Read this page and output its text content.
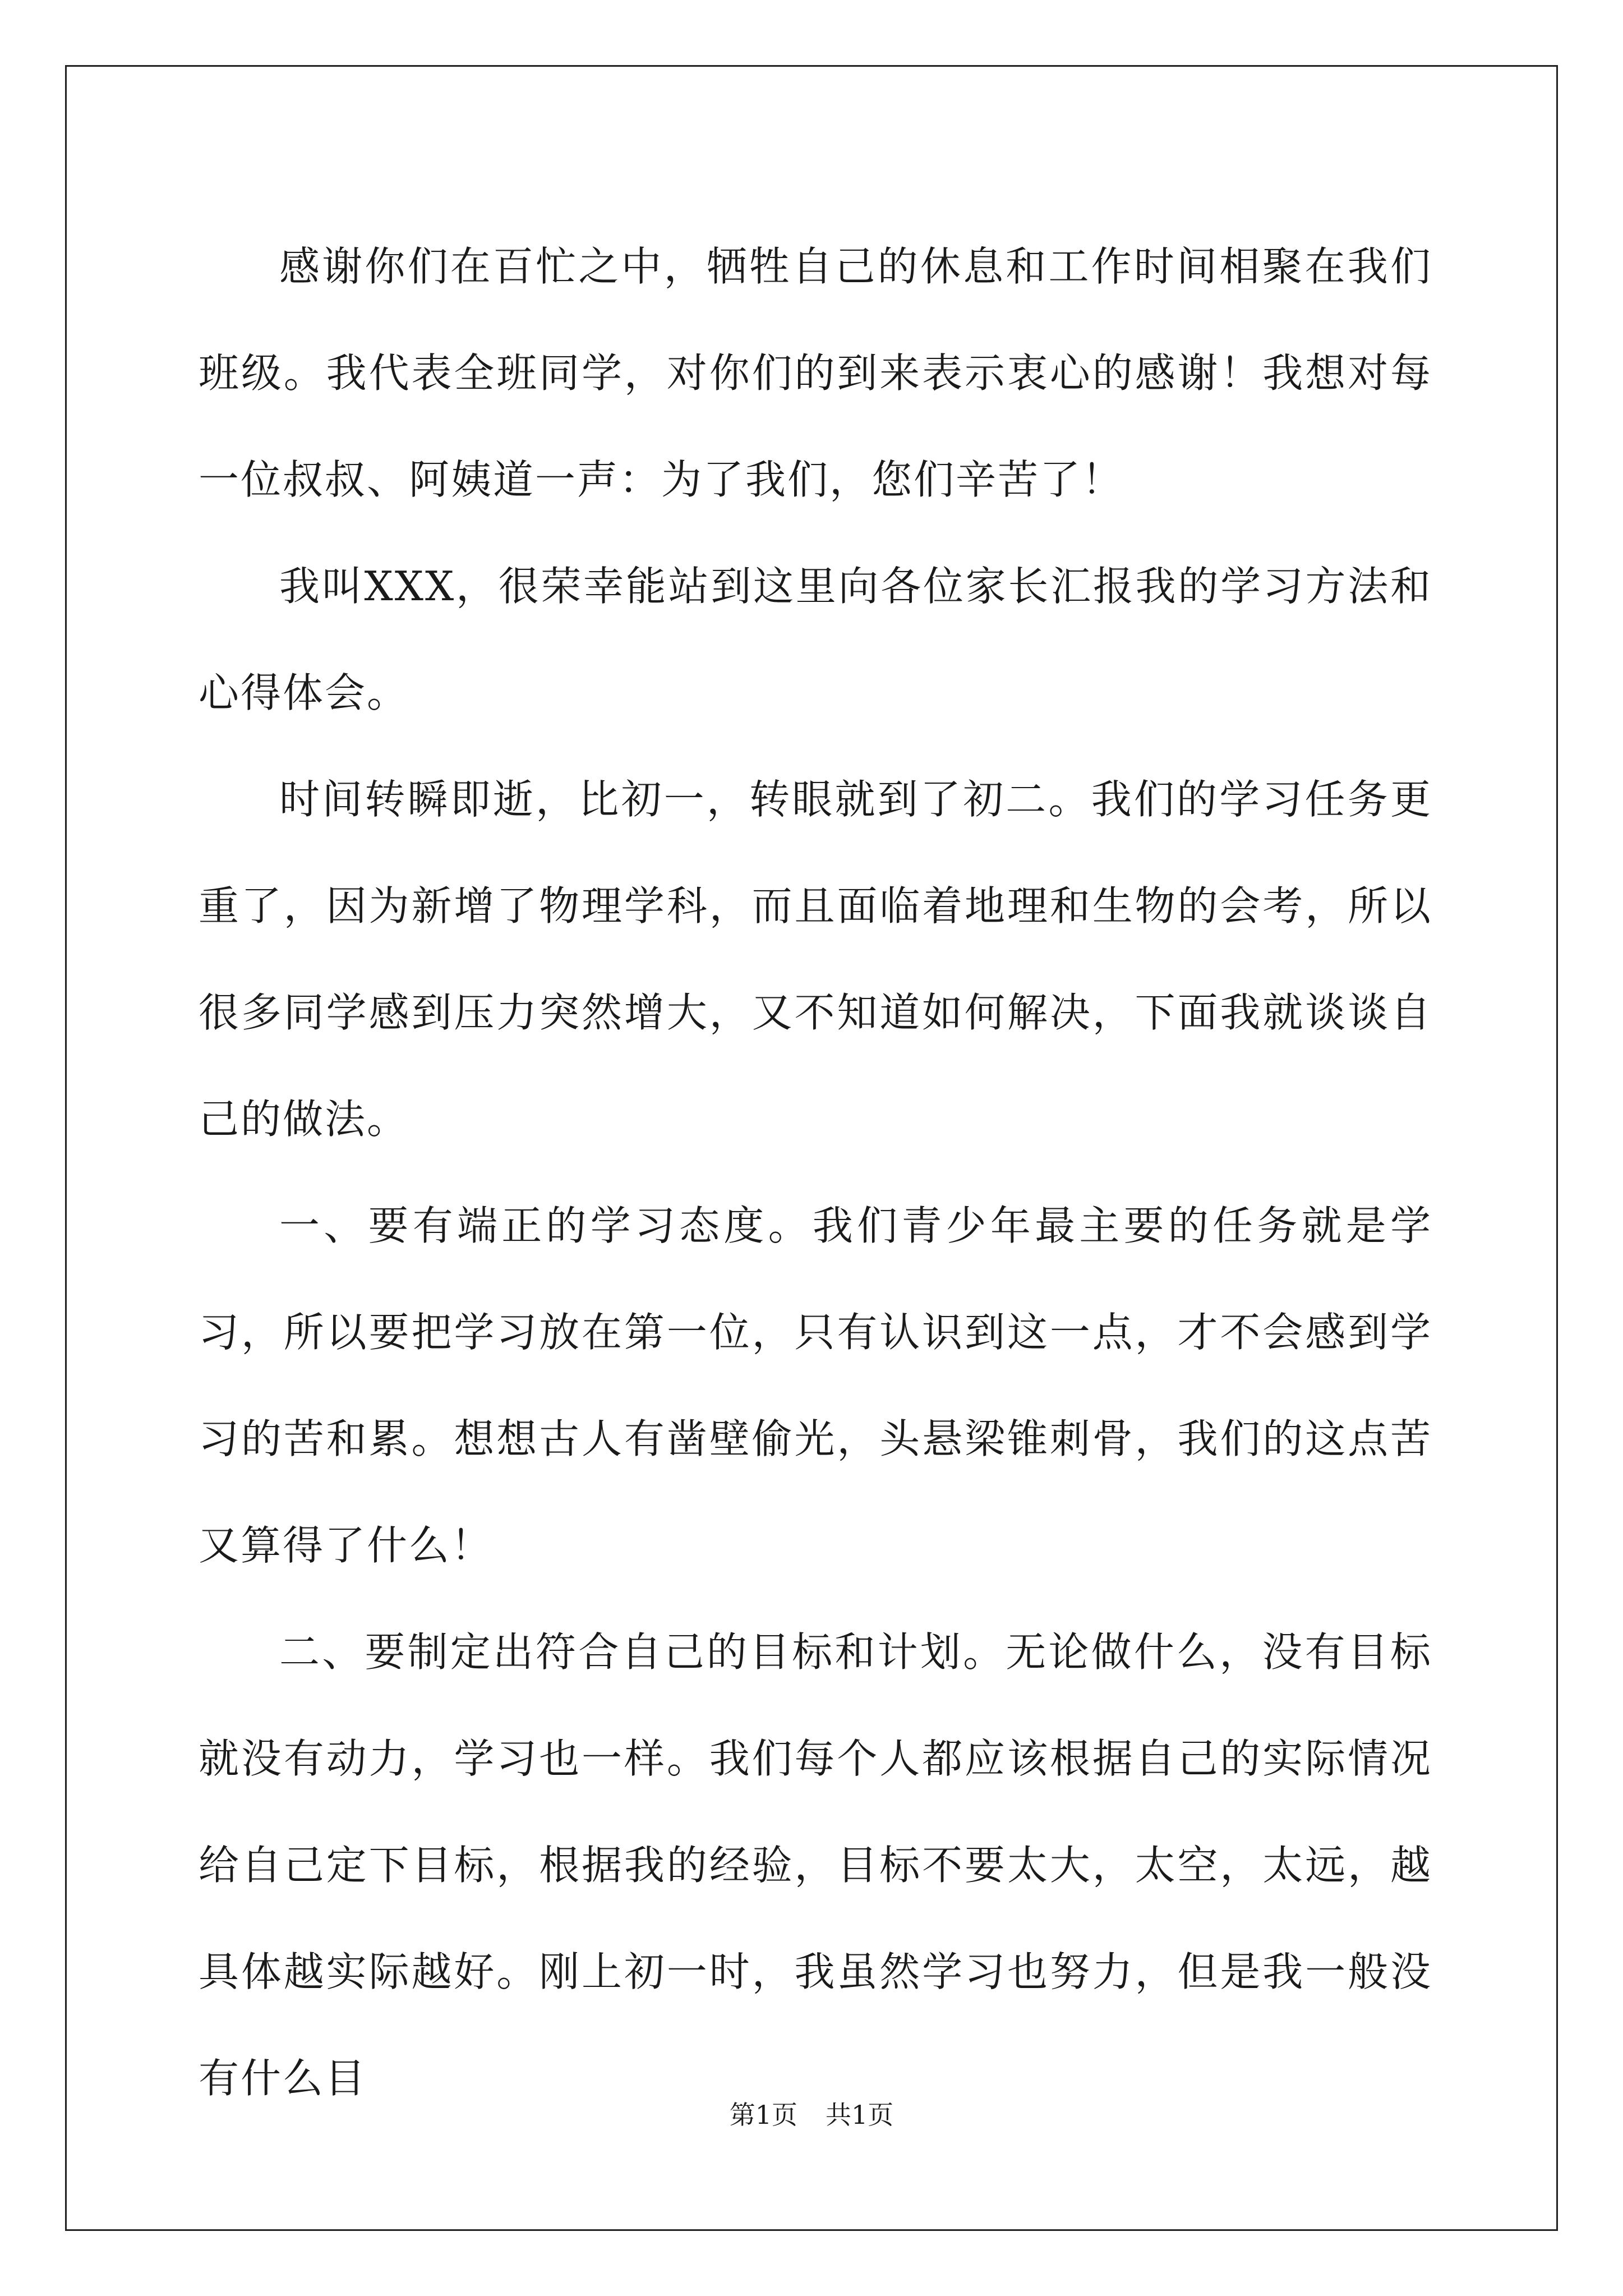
感谢你们在百忙之中，牺牲自己的休息和工作时间相聚在我们班级。我代表全班同学，对你们的到来表示衷心的感谢！我想对每一位叔叔、阿姨道一声：为了我们，您们辛苦了！

我叫XXX，很荣幸能站到这里向各位家长汇报我的学习方法和心得体会。

时间转瞬即逝，比初一，转眼就到了初二。我们的学习任务更重了，因为新增了物理学科，而且面临着地理和生物的会考，所以很多同学感到压力突然增大，又不知道如何解决，下面我就谈谈自己的做法。

一、要有端正的学习态度。我们青少年最主要的任务就是学习，所以要把学习放在第一位，只有认识到这一点，才不会感到学习的苦和累。想想古人有凿壁偷光，头悬梁锥刺骨，我们的这点苦又算得了什么！

二、要制定出符合自己的目标和计划。无论做什么，没有目标就没有动力，学习也一样。我们每个人都应该根据自己的实际情况给自己定下目标，根据我的经验，目标不要太大，太空，太远，越具体越实际越好。刚上初一时，我虽然学习也努力，但是我一般没有什么目

第1页 共1页
